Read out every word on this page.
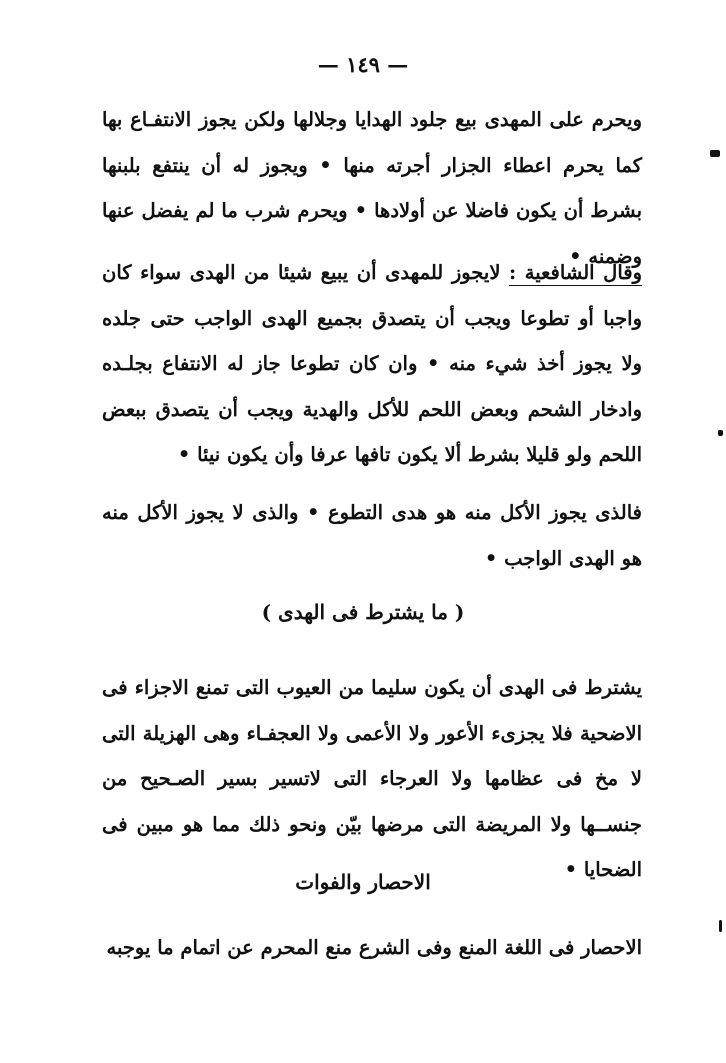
— ١٤٩ —

ويحرم على المهدى بيع جلود الهدايا وجلالها ولكن يجوز الانتفـاع بها كما يحرم اعطاء الجزار أجرته منها • ويجوز له أن ينتفع بلبنها بشرط أن يكون فاضلا عن أولادها • ويحرم شرب ما لم يفضل عنها وضمنه •

وقال الشافعية : لايجوز للمهدى أن يبيع شيئا من الهدى سواء كان واجبا أو تطوعا ويجب أن يتصدق بجميع الهدى الواجب حتى جلده ولا يجوز أخذ شيء منه • وان كان تطوعا جاز له الانتفاع بجلـده وادخار الشحم وبعض اللحم للأكل والهدية ويجب أن يتصدق ببعض اللحم ولو قليلا بشرط ألا يكون تافها عرفا وأن يكون نيئا •

فالذى يجوز الأكل منه هو هدى التطوع • والذى لا يجوز الأكل منه هو الهدى الواجب •

( ما يشترط فى الهدى )

يشترط فى الهدى أن يكون سليما من العيوب التى تمنع الاجزاء فى الاضحية فلا يجزىء الأعور ولا الأعمى ولا العجفـاء وهى الهزيلة التى لا مخ فى عظامها ولا العرجاء التى لاتسير بسير الصـحيح من جنســها ولا المريضة التى مرضها بيّن ونحو ذلك مما هو مبين فى الضحايا •

الاحصار والفوات

الاحصار فى اللغة المنع وفى الشرع منع المحرم عن اتمام ما يوجبه
